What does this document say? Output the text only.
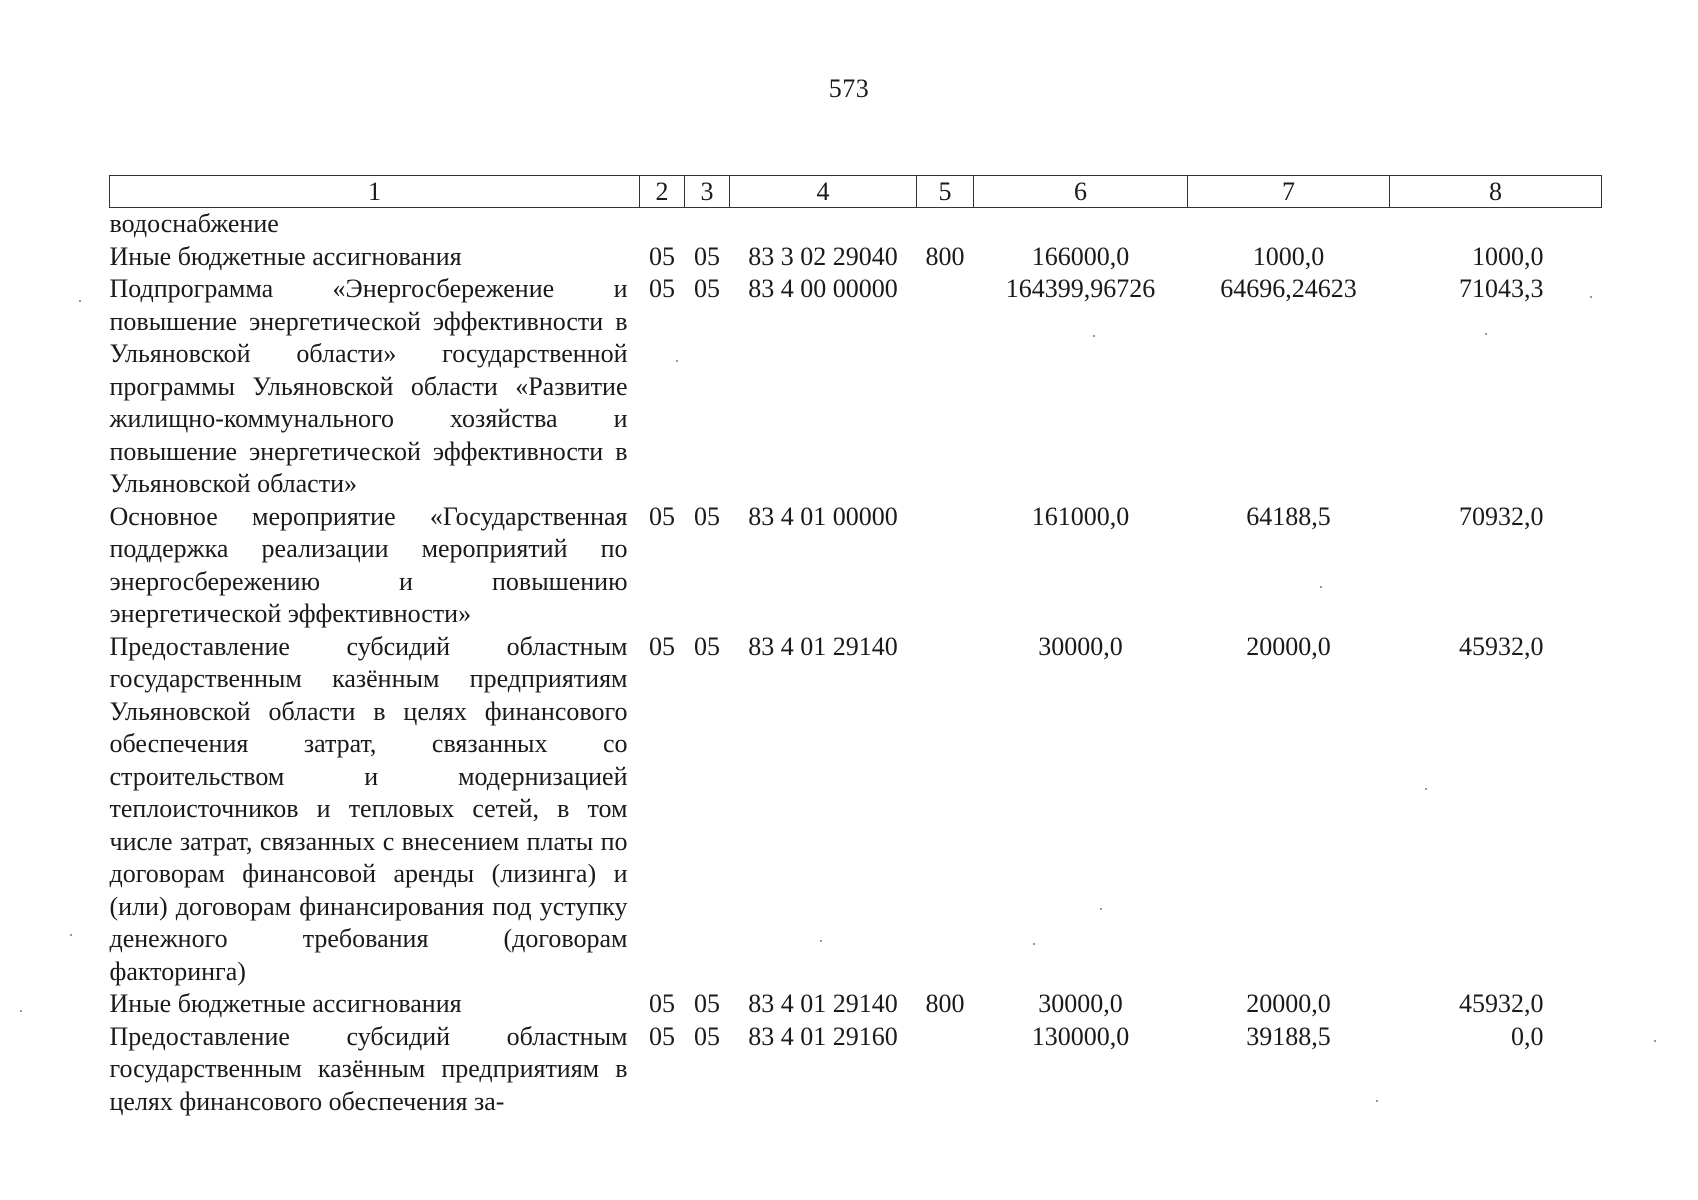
573
1	2	3	4	5	6	7	8
водоснабжение							
Иные бюджетные ассигнования	05	05	83 3 02 29040	800	166000,0	1000,0	1000,0
Подпрограмма «Энергосбережение и повышение энергетической эффективности в Ульяновской области» государственной программы Ульяновской области «Развитие жилищно-коммунального хозяйства и повышение энергетической эффективности в Ульяновской области»	05	05	83 4 00 00000		164399,96726	64696,24623	71043,3
Основное мероприятие «Государственная поддержка реализации мероприятий по энергосбережению и повышению энергетической эффективности»	05	05	83 4 01 00000		161000,0	64188,5	70932,0
Предоставление субсидий областным государственным казённым предприятиям Ульяновской области в целях финансового обеспечения затрат, связанных со строительством и модернизацией теплоисточников и тепловых сетей, в том числе затрат, связанных с внесением платы по договорам финансовой аренды (лизинга) и (или) договорам финансирования под уступку денежного требования (договорам факторинга)	05	05	83 4 01 29140		30000,0	20000,0	45932,0
Иные бюджетные ассигнования	05	05	83 4 01 29140	800	30000,0	20000,0	45932,0
Предоставление субсидий областным государственным казённым предприятиям в целях финансового обеспечения за-	05	05	83 4 01 29160		130000,0	39188,5	0,0
